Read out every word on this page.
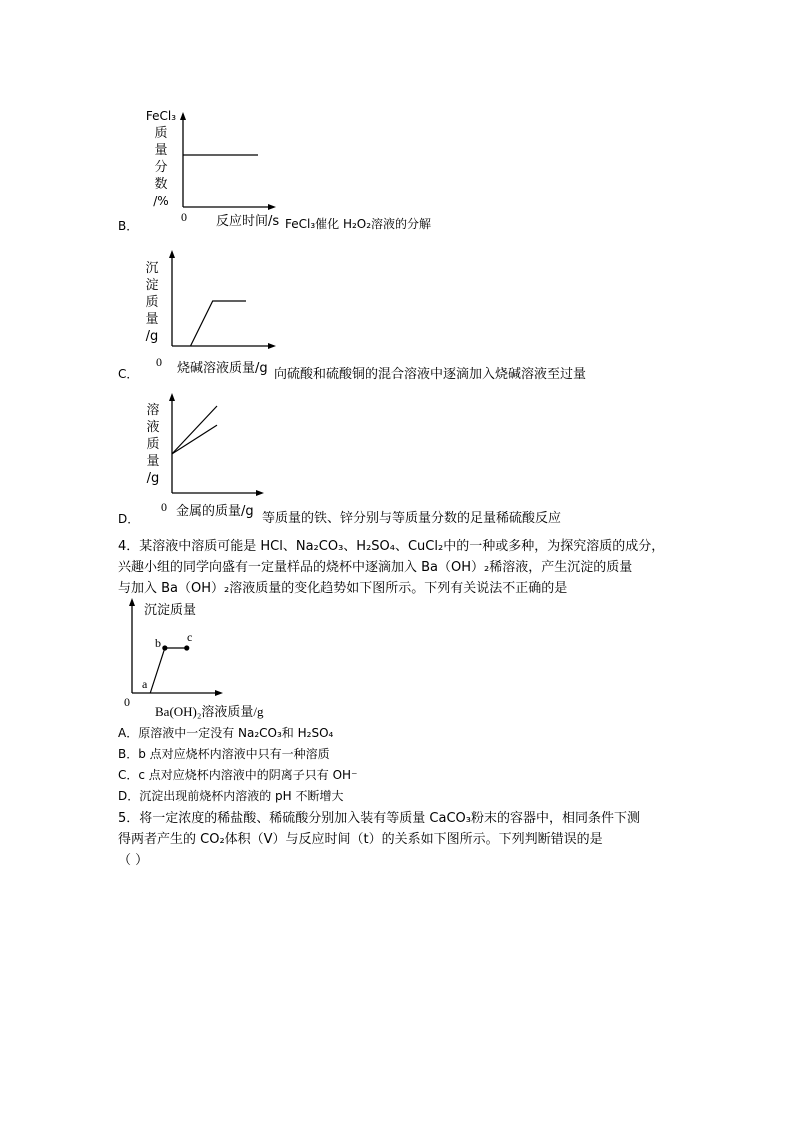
FeCl₃
质
量
分
数
/%
0 反应时间/s
B．	FeCl₃催化 H₂O₂溶液的分解
沉
淀
质
量
/g
0 烧碱溶液质量/g
C．	向硫酸和硫酸铜的混合溶液中逐滴加入烧碱溶液至过量
溶
液
质
量
/g
0 金属的质量/g
D．	等质量的铁、锌分别与等质量分数的足量稀硫酸反应
4．某溶液中溶质可能是 HCl、Na₂CO₃、H₂SO₄、CuCl₂中的一种或多种，为探究溶质的成分，
兴趣小组的同学向盛有一定量样品的烧杯中逐滴加入 Ba（OH）₂稀溶液，产生沉淀的质量
与加入 Ba（OH）₂溶液质量的变化趋势如下图所示。下列有关说法不正确的是
沉淀质量
b c
a
0
Ba(OH)₂溶液质量/g
A．原溶液中一定没有 Na₂CO₃和 H₂SO₄
B．b 点对应烧杯内溶液中只有一种溶质
C．c 点对应烧杯内溶液中的阴离子只有 OH⁻
D．沉淀出现前烧杯内溶液的 pH 不断增大
5．将一定浓度的稀盐酸、稀硫酸分别加入装有等质量 CaCO₃粉末的容器中，相同条件下测
得两者产生的 CO₂体积（V）与反应时间（t）的关系如下图所示。下列判断错误的是
（ ）
